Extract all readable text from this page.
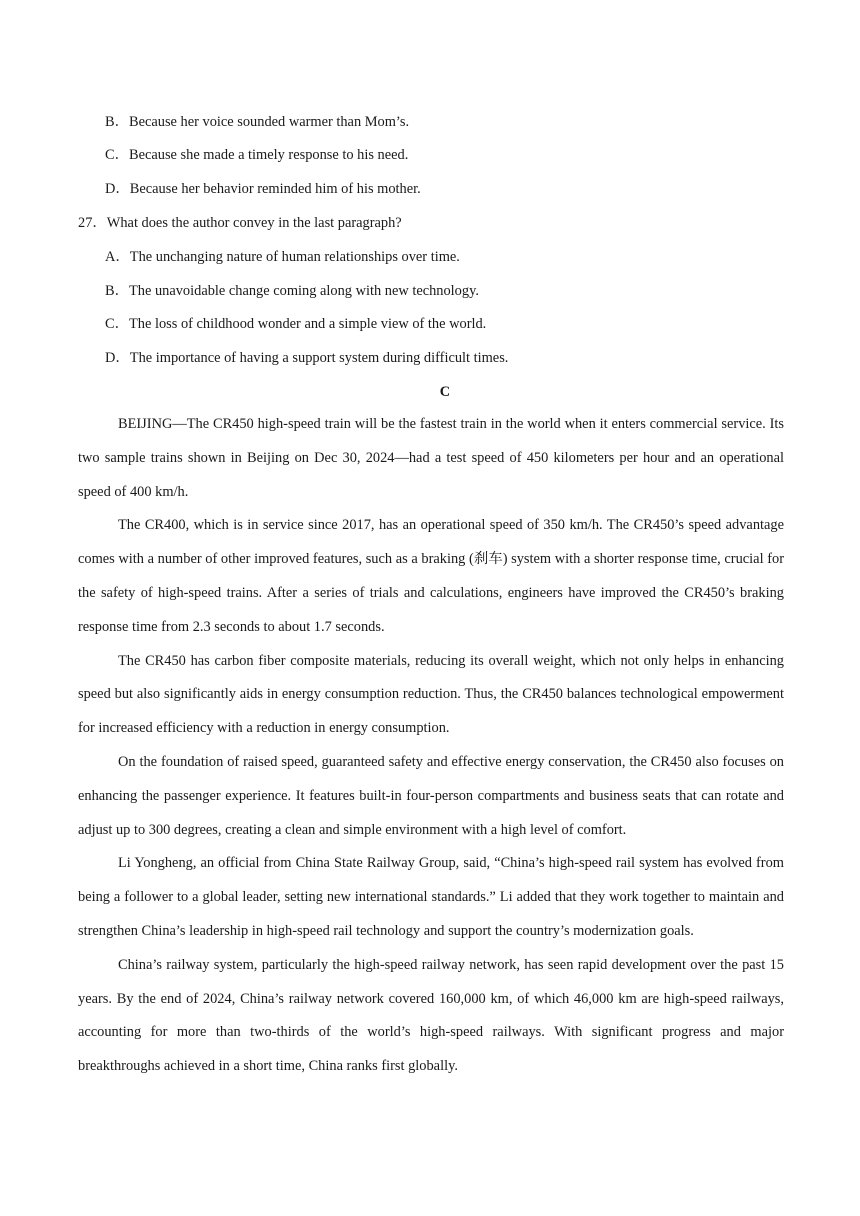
B．Because her voice sounded warmer than Mom’s.
C．Because she made a timely response to his need.
D．Because her behavior reminded him of his mother.
27．What does the author convey in the last paragraph?
A．The unchanging nature of human relationships over time.
B．The unavoidable change coming along with new technology.
C．The loss of childhood wonder and a simple view of the world.
D．The importance of having a support system during difficult times.
C
BEIJING—The CR450 high-speed train will be the fastest train in the world when it enters commercial service. Its two sample trains shown in Beijing on Dec 30, 2024—had a test speed of 450 kilometers per hour and an operational speed of 400 km/h.
The CR400, which is in service since 2017, has an operational speed of 350 km/h. The CR450’s speed advantage comes with a number of other improved features, such as a braking (刹车) system with a shorter response time, crucial for the safety of high-speed trains. After a series of trials and calculations, engineers have improved the CR450’s braking response time from 2.3 seconds to about 1.7 seconds.
The CR450 has carbon fiber composite materials, reducing its overall weight, which not only helps in enhancing speed but also significantly aids in energy consumption reduction. Thus, the CR450 balances technological empowerment for increased efficiency with a reduction in energy consumption.
On the foundation of raised speed, guaranteed safety and effective energy conservation, the CR450 also focuses on enhancing the passenger experience. It features built-in four-person compartments and business seats that can rotate and adjust up to 300 degrees, creating a clean and simple environment with a high level of comfort.
Li Yongheng, an official from China State Railway Group, said, “China’s high-speed rail system has evolved from being a follower to a global leader, setting new international standards.” Li added that they work together to maintain and strengthen China’s leadership in high-speed rail technology and support the country’s modernization goals.
China’s railway system, particularly the high-speed railway network, has seen rapid development over the past 15 years. By the end of 2024, China’s railway network covered 160,000 km, of which 46,000 km are high-speed railways, accounting for more than two-thirds of the world’s high-speed railways. With significant progress and major breakthroughs achieved in a short time, China ranks first globally.
